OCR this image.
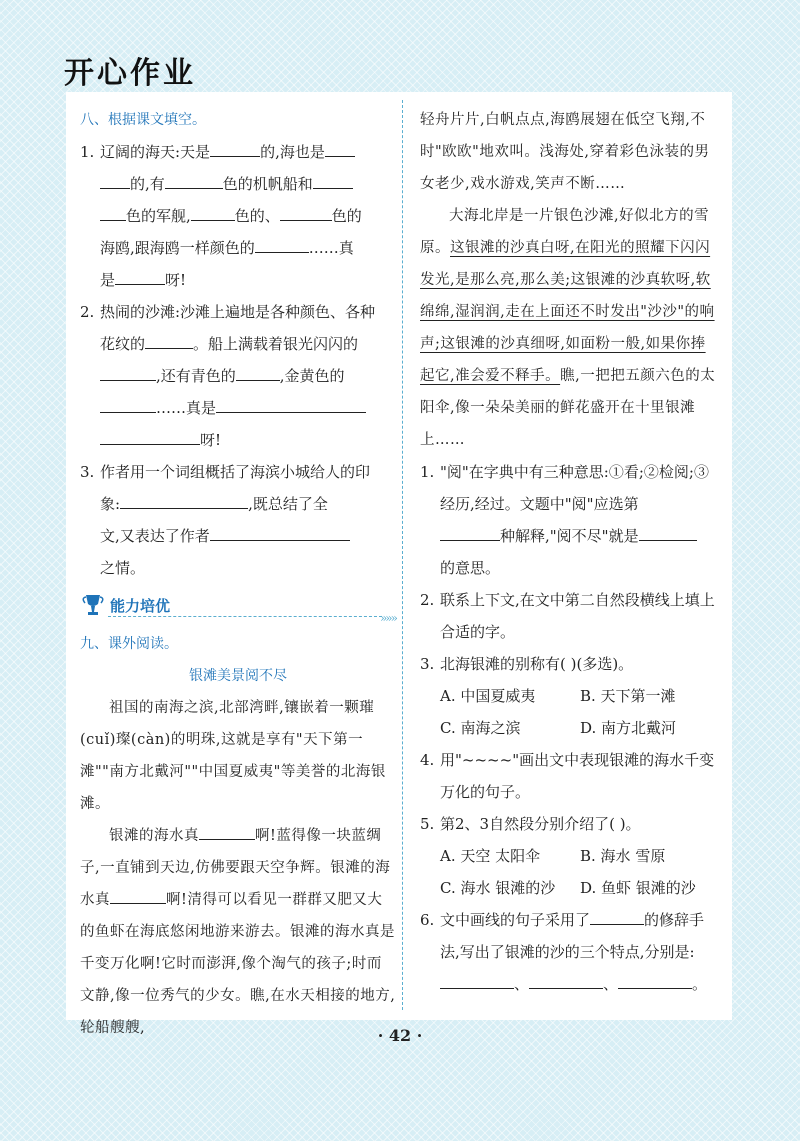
开心作业
八、根据课文填空。
1. 辽阔的海天:天是	的,海也是
的,有	色的机帆船和
色的军舰,	色的、	色的
海鸥,跟海鸥一样颜色的	……真
是	呀!
2. 热闹的沙滩:沙滩上遍地是各种颜色、各种
花纹的	。船上满载着银光闪闪的
,还有青色的	,金黄色的
……真是
呀!
3. 作者用一个词组概括了海滨小城给人的印
象:	,既总结了全
文,又表达了作者
之情。
能力培优
»»»
九、课外阅读。
银滩美景阅不尽
祖国的南海之滨,北部湾畔,镶嵌着一颗璀(cuǐ)璨(càn)的明珠,这就是享有"天下第一滩""南方北戴河""中国夏威夷"等美誉的北海银滩。
银滩的海水真	啊!蓝得像一块蓝绸子,一直铺到天边,仿佛要跟天空争辉。银滩的海水真	啊!清得可以看见一群群又肥又大的鱼虾在海底悠闲地游来游去。银滩的海水真是千变万化啊!它时而澎湃,像个淘气的孩子;时而文静,像一位秀气的少女。瞧,在水天相接的地方,轮船艘艘,
轻舟片片,白帆点点,海鸥展翅在低空飞翔,不时"欧欧"地欢叫。浅海处,穿着彩色泳装的男女老少,戏水游戏,笑声不断……
大海北岸是一片银色沙滩,好似北方的雪原。这银滩的沙真白呀,在阳光的照耀下闪闪发光,是那么亮,那么美;这银滩的沙真软呀,软绵绵,湿润润,走在上面还不时发出"沙沙"的响声;这银滩的沙真细呀,如面粉一般,如果你捧起它,准会爱不释手。瞧,一把把五颜六色的太阳伞,像一朵朵美丽的鲜花盛开在十里银滩上……
1. "阅"在字典中有三种意思:①看;②检阅;③经历,经过。文题中"阅"应选第
种解释,"阅不尽"就是
的意思。
2. 联系上下文,在文中第二自然段横线上填上合适的字。
3. 北海银滩的别称有( )(多选)。
A. 中国夏威夷	B. 天下第一滩
C. 南海之滨	D. 南方北戴河
4. 用"~~~~"画出文中表现银滩的海水千变万化的句子。
5. 第2、3自然段分别介绍了( )。
A. 天空 太阳伞	B. 海水 雪原
C. 海水 银滩的沙	D. 鱼虾 银滩的沙
6. 文中画线的句子采用了	的修辞手法,写出了银滩的沙的三个特点,分别是:
、	、	。
· 42 ·
